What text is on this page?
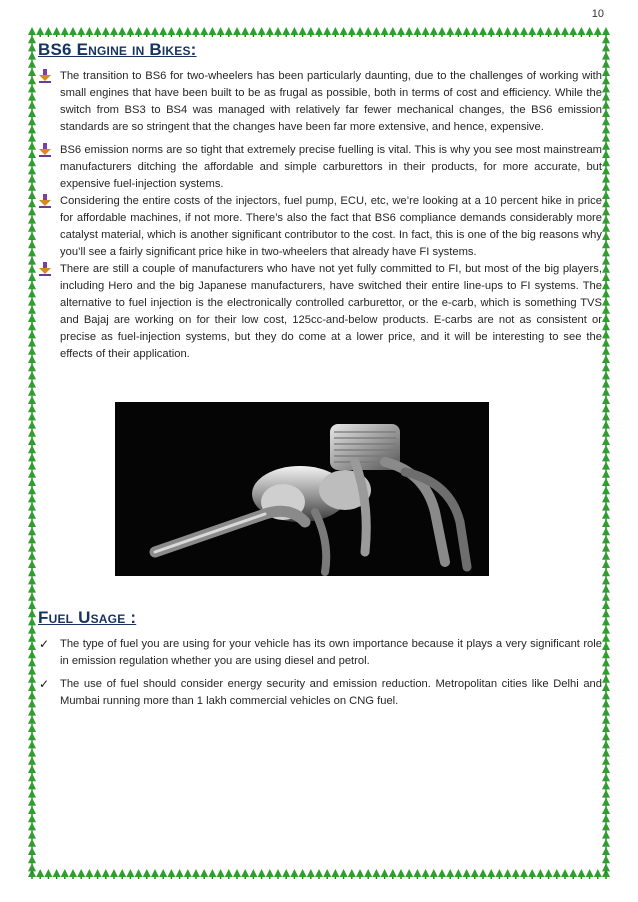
10
BS6 Engine in Bikes:
The transition to BS6 for two-wheelers has been particularly daunting, due to the challenges of working with small engines that have been built to be as frugal as possible, both in terms of cost and efficiency. While the switch from BS3 to BS4 was managed with relatively far fewer mechanical changes, the BS6 emission standards are so stringent that the changes have been far more extensive, and hence, expensive.
BS6 emission norms are so tight that extremely precise fuelling is vital. This is why you see most mainstream manufacturers ditching the affordable and simple carburettors in their products, for more accurate, but expensive fuel-injection systems.
Considering the entire costs of the injectors, fuel pump, ECU, etc, we’re looking at a 10 percent hike in price for affordable machines, if not more. There’s also the fact that BS6 compliance demands considerably more catalyst material, which is another significant contributor to the cost. In fact, this is one of the big reasons why you’ll see a fairly significant price hike in two-wheelers that already have FI systems.
There are still a couple of manufacturers who have not yet fully committed to FI, but most of the big players, including Hero and the big Japanese manufacturers, have switched their entire line-ups to FI systems. The alternative to fuel injection is the electronically controlled carburettor, or the e-carb, which is something TVS and Bajaj are working on for their low cost, 125cc-and-below products. E-carbs are not as consistent or precise as fuel-injection systems, but they do come at a lower price, and it will be interesting to see the effects of their application.
Fuel Usage :
✓ The type of fuel you are using for your vehicle has its own importance because it plays a very significant role in emission regulation whether you are using diesel and petrol.
✓ The use of fuel should consider energy security and emission reduction. Metropolitan cities like Delhi and Mumbai running more than 1 lakh commercial vehicles on CNG fuel.
